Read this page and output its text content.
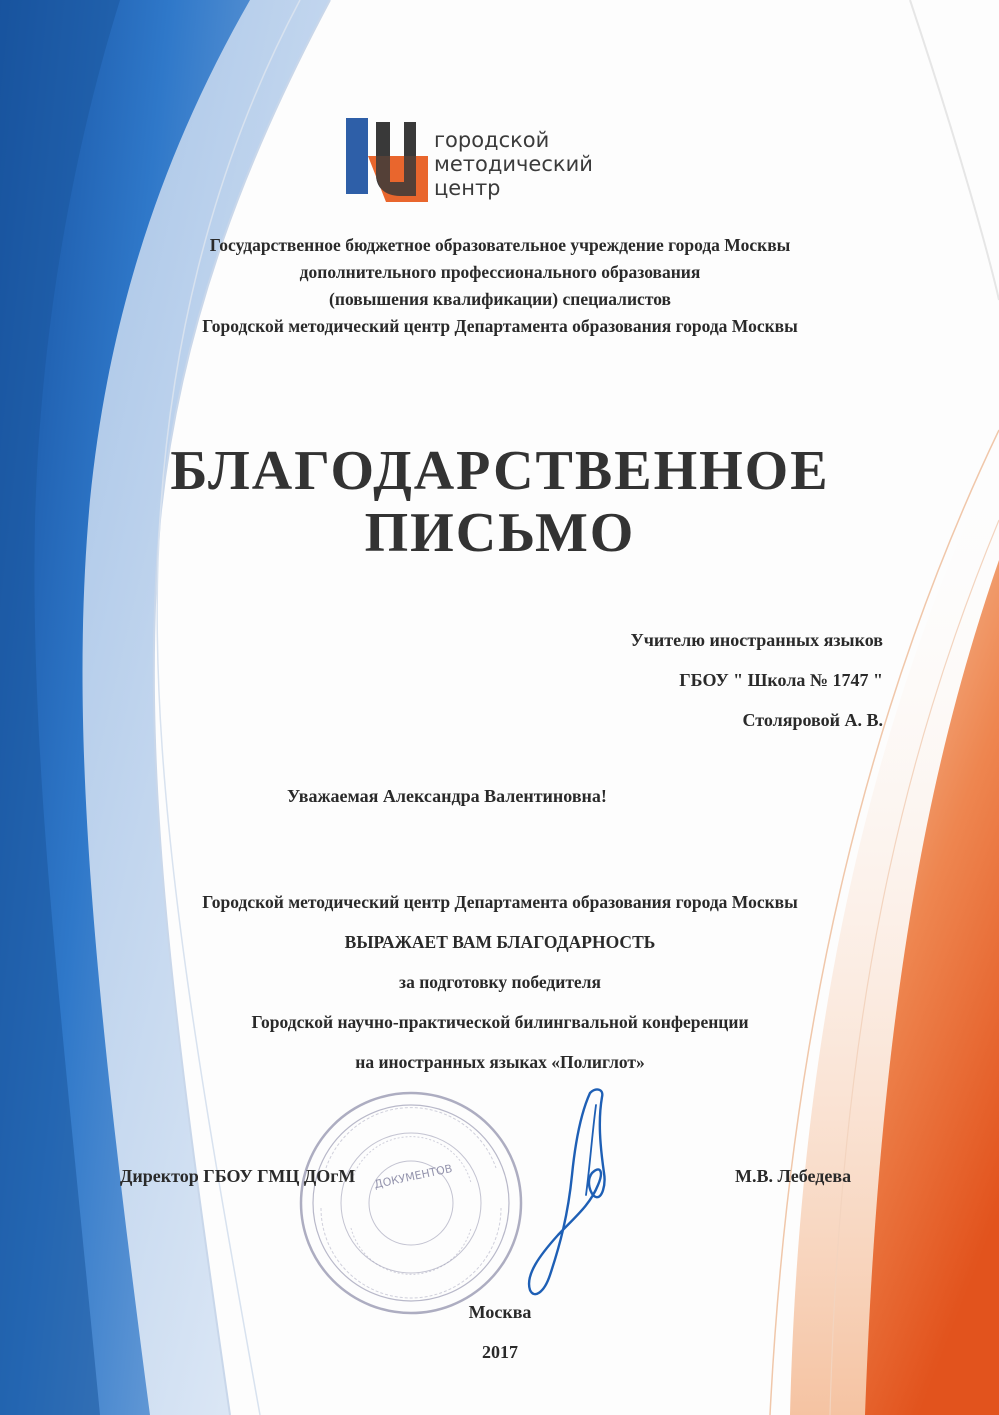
городской
методический
центр
Государственное бюджетное образовательное учреждение города Москвы
дополнительного профессионального образования
(повышения квалификации) специалистов
Городской методический центр Департамента образования города Москвы
БЛАГОДАРСТВЕННОЕ
ПИСЬМО
Учителю иностранных языков
ГБОУ " Школа № 1747 "
Столяровой А. В.
Уважаемая Александра Валентиновна!
Городской методический центр Департамента образования города Москвы
ВЫРАЖАЕТ ВАМ БЛАГОДАРНОСТЬ
за подготовку победителя
Городской научно-практической билингвальной конференции
на иностранных языках «Полиглот»
ДОКУМЕНТОВ
Директор ГБОУ ГМЦ ДОгМ	М.В. Лебедева
Москва
2017
